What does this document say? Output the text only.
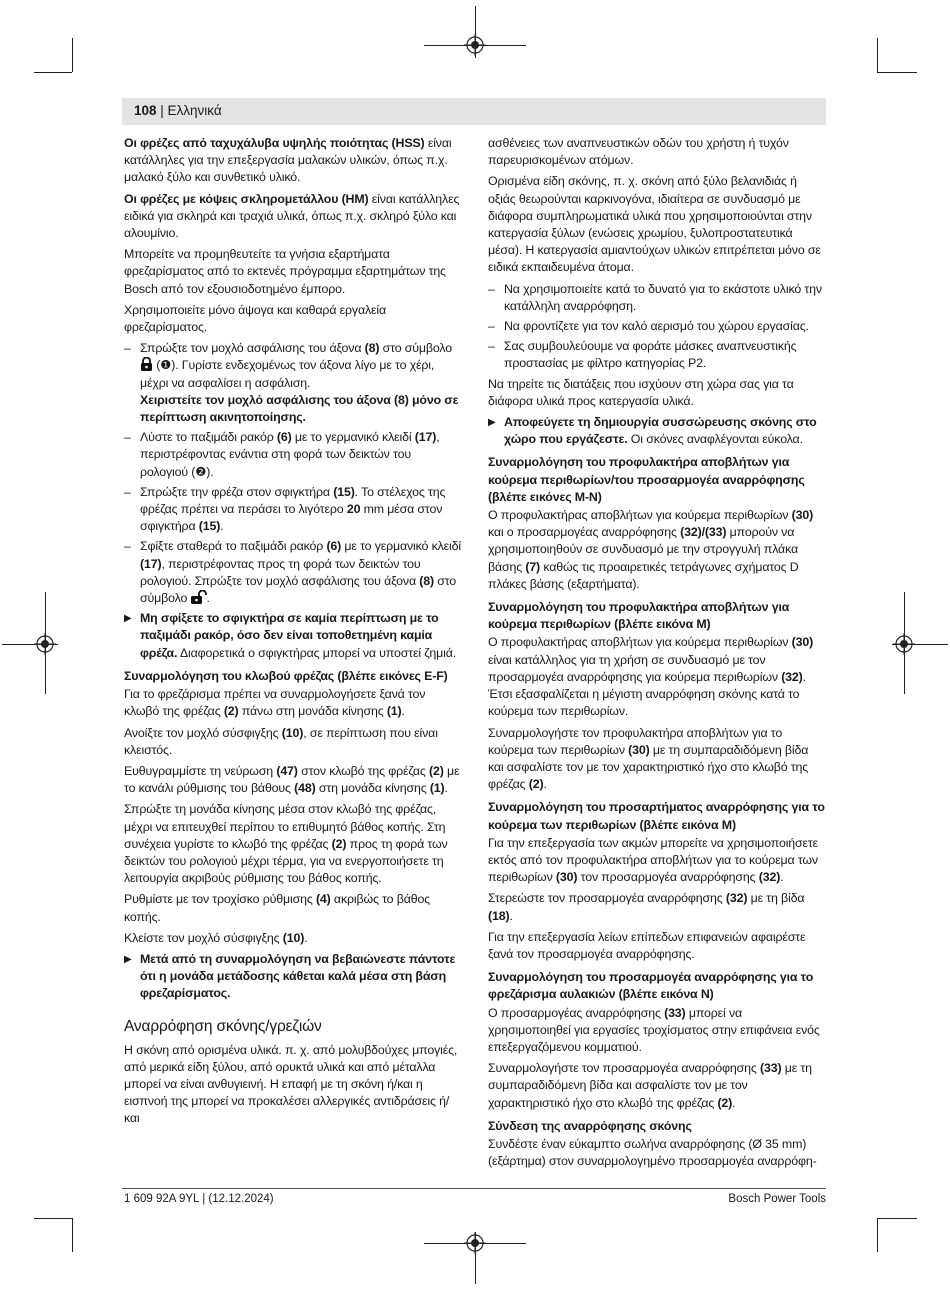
108 | Ελληνικά

Οι φρέζες από ταχυχάλυβα υψηλής ποιότητας (HSS) είναι κατάλληλες για την επεξεργασία μαλακών υλικών, όπως π.χ. μαλακό ξύλο και συνθετικό υλικό.

Οι φρέζες με κόψεις σκληρομετάλλου (HM) είναι κατάλληλες ειδικά για σκληρά και τραχιά υλικά, όπως π.χ. σκληρό ξύλο και αλουμίνιο.

Μπορείτε να προμηθευτείτε τα γνήσια εξαρτήματα φρεζαρίσματος από το εκτενές πρόγραμμα εξαρτημάτων της Bosch από τον εξουσιοδοτημένο έμπορο.

Χρησιμοποιείτε μόνο άψογα και καθαρά εργαλεία φρεζαρίσματος.

– Σπρώξτε τον μοχλό ασφάλισης του άξονα (8) στο σύμβολο  (❶). Γυρίστε ενδεχομένως τον άξονα λίγο με το χέρι, μέχρι να ασφαλίσει η ασφάλιση.
Χειριστείτε τον μοχλό ασφάλισης του άξονα (8) μόνο σε περίπτωση ακινητοποίησης.
– Λύστε το παξιμάδι ρακόρ (6) με το γερμανικό κλειδί (17), περιστρέφοντας ενάντια στη φορά των δεικτών του ρολογιού (❷).
– Σπρώξτε την φρέζα στον σφιγκτήρα (15). Το στέλεχος της φρέζας πρέπει να περάσει το λιγότερο 20 mm μέσα στον σφιγκτήρα (15).
– Σφίξτε σταθερά το παξιμάδι ρακόρ (6) με το γερμανικό κλειδί (17), περιστρέφοντας προς τη φορά των δεικτών του ρολογιού. Σπρώξτε τον μοχλό ασφάλισης του άξονα (8) στο σύμβολο .
▶ Μη σφίξετε το σφιγκτήρα σε καμία περίπτωση με το παξιμάδι ρακόρ, όσο δεν είναι τοποθετημένη καμία φρέζα. Διαφορετικά ο σφιγκτήρας μπορεί να υποστεί ζημιά.

Συναρμολόγηση του κλωβού φρέζας (βλέπε εικόνες E‑F)

Για το φρεζάρισμα πρέπει να συναρμολογήσετε ξανά τον κλωβό της φρέζας (2) πάνω στη μονάδα κίνησης (1).

Ανοίξτε τον μοχλό σύσφιγξης (10), σε περίπτωση που είναι κλειστός.

Ευθυγραμμίστε τη νεύρωση (47) στον κλωβό της φρέζας (2) με το κανάλι ρύθμισης του βάθους (48) στη μονάδα κίνησης (1).

Σπρώξτε τη μονάδα κίνησης μέσα στον κλωβό της φρέζας, μέχρι να επιτευχθεί περίπου το επιθυμητό βάθος κοπής. Στη συνέχεια γυρίστε το κλωβό της φρέζας (2) προς τη φορά των δεικτών του ρολογιού μέχρι τέρμα, για να ενεργοποιήσετε τη λειτουργία ακριβούς ρύθμισης του βάθος κοπής.

Ρυθμίστε με τον τροχίσκο ρύθμισης (4) ακριβώς το βάθος κοπής.

Κλείστε τον μοχλό σύσφιγξης (10).

▶ Μετά από τη συναρμολόγηση να βεβαιώνεστε πάντοτε ότι η μονάδα μετάδοσης κάθεται καλά μέσα στη βάση φρεζαρίσματος.

Αναρρόφηση σκόνης/γρεζιών

Η σκόνη από ορισμένα υλικά. π. χ. από μολυβδούχες μπογιές, από μερικά είδη ξύλου, από ορυκτά υλικά και από μέταλλα μπορεί να είναι ανθυγιεινή. Η επαφή με τη σκόνη ή/και η εισπνοή της μπορεί να προκαλέσει αλλεργικές αντιδράσεις ή/και

ασθένειες των αναπνευστικών οδών του χρήστη ή τυχόν παρευρισκομένων ατόμων.

Ορισμένα είδη σκόνης, π. χ. σκόνη από ξύλο βελανιδιάς ή οξιάς θεωρούνται καρκινογόνα, ιδιαίτερα σε συνδυασμό με διάφορα συμπληρωματικά υλικά που χρησιμοποιούνται στην κατεργασία ξύλων (ενώσεις χρωμίου, ξυλοπροστατευτικά μέσα). Η κατεργασία αμιαντούχων υλικών επιτρέπεται μόνο σε ειδικά εκπαιδευμένα άτομα.

– Να χρησιμοποιείτε κατά το δυνατό για το εκάστοτε υλικό την κατάλληλη αναρρόφηση.
– Να φροντίζετε για τον καλό αερισμό του χώρου εργασίας.
– Σας συμβουλεύουμε να φοράτε μάσκες αναπνευστικής προστασίας με φίλτρο κατηγορίας P2.

Να τηρείτε τις διατάξεις που ισχύουν στη χώρα σας για τα διάφορα υλικά προς κατεργασία υλικά.

▶ Αποφεύγετε τη δημιουργία συσσώρευσης σκόνης στο χώρο που εργάζεστε. Οι σκόνες αναφλέγονται εύκολα.

Συναρμολόγηση του προφυλακτήρα αποβλήτων για κούρεμα περιθωρίων/του προσαρμογέα αναρρόφησης (βλέπε εικόνες M‑N)

Ο προφυλακτήρας αποβλήτων για κούρεμα περιθωρίων (30) και ο προσαρμογέας αναρρόφησης (32)/(33) μπορούν να χρησιμοποιηθούν σε συνδυασμό με την στρογγυλή πλάκα βάσης (7) καθώς τις προαιρετικές τετράγωνες σχήματος D πλάκες βάσης (εξαρτήματα).

Συναρμολόγηση του προφυλακτήρα αποβλήτων για κούρεμα περιθωρίων (βλέπε εικόνα M)

Ο προφυλακτήρας αποβλήτων για κούρεμα περιθωρίων (30) είναι κατάλληλος για τη χρήση σε συνδυασμό με τον προσαρμογέα αναρρόφησης για κούρεμα περιθωρίων (32). Έτσι εξασφαλίζεται η μέγιστη αναρρόφηση σκόνης κατά το κούρεμα των περιθωρίων.

Συναρμολογήστε τον προφυλακτήρα αποβλήτων για το κούρεμα των περιθωρίων (30) με τη συμπαραδιδόμενη βίδα και ασφαλίστε τον με τον χαρακτηριστικό ήχο στο κλωβό της φρέζας (2).

Συναρμολόγηση του προσαρτήματος αναρρόφησης για το κούρεμα των περιθωρίων (βλέπε εικόνα M)

Για την επεξεργασία των ακμών μπορείτε να χρησιμοποιήσετε εκτός από τον προφυλακτήρα αποβλήτων για το κούρεμα των περιθωρίων (30) τον προσαρμογέα αναρρόφησης (32).

Στερεώστε τον προσαρμογέα αναρρόφησης (32) με τη βίδα (18).

Για την επεξεργασία λείων επίπεδων επιφανειών αφαιρέστε ξανά τον προσαρμογέα αναρρόφησης.

Συναρμολόγηση του προσαρμογέα αναρρόφησης για το φρεζάρισμα αυλακιών (βλέπε εικόνα N)

Ο προσαρμογέας αναρρόφησης (33) μπορεί να χρησιμοποιηθεί για εργασίες τροχίσματος στην επιφάνεια ενός επεξεργαζόμενου κομματιού.

Συναρμολογήστε τον προσαρμογέα αναρρόφησης (33) με τη συμπαραδιδόμενη βίδα και ασφαλίστε τον με τον χαρακτηριστικό ήχο στο κλωβό της φρέζας (2).

Σύνδεση της αναρρόφησης σκόνης

Συνδέστε έναν εύκαμπτο σωλήνα αναρρόφησης (Ø 35 mm) (εξάρτημα) στον συναρμολογημένο προσαρμογέα αναρρόφη‑

1 609 92A 9YL | (12.12.2024)	Bosch Power Tools
